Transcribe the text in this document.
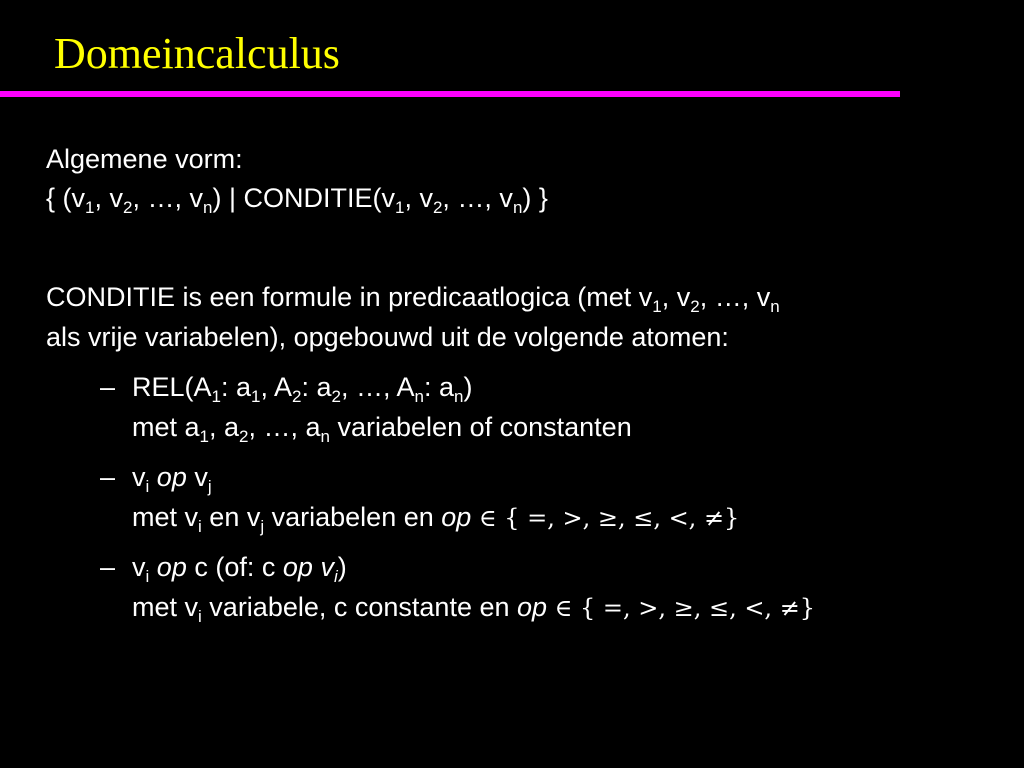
Domeincalculus
Algemene vorm:
{ ($v_1$, $v_2$, …, $v_n$) | $CONDITIE(v_1$, $v_2$, …, $v_n$) }
CONDITIE is een formule in predicaatlogica (met $v_1$, $v_2$, …, $v_n$
als vrije variabelen), opgebouwd uit de volgende atomen:
– $REL(A_1$: $a_1$, $A_2$: $a_2$, …, $A_n$: $a_n$)
met $a_1$, $a_2$, …, $a_n$ variabelen of constanten
– $v_i$ op $v_j$
met $v_i$ en $v_j$ variabelen en op ∈ { =, >, ≥, ≤, <, ≠}
– $v_i$ op c (of: c op $v_i$)
met $v_i$ variabele, c constante en op ∈ { =, >, ≥, ≤, <, ≠}
